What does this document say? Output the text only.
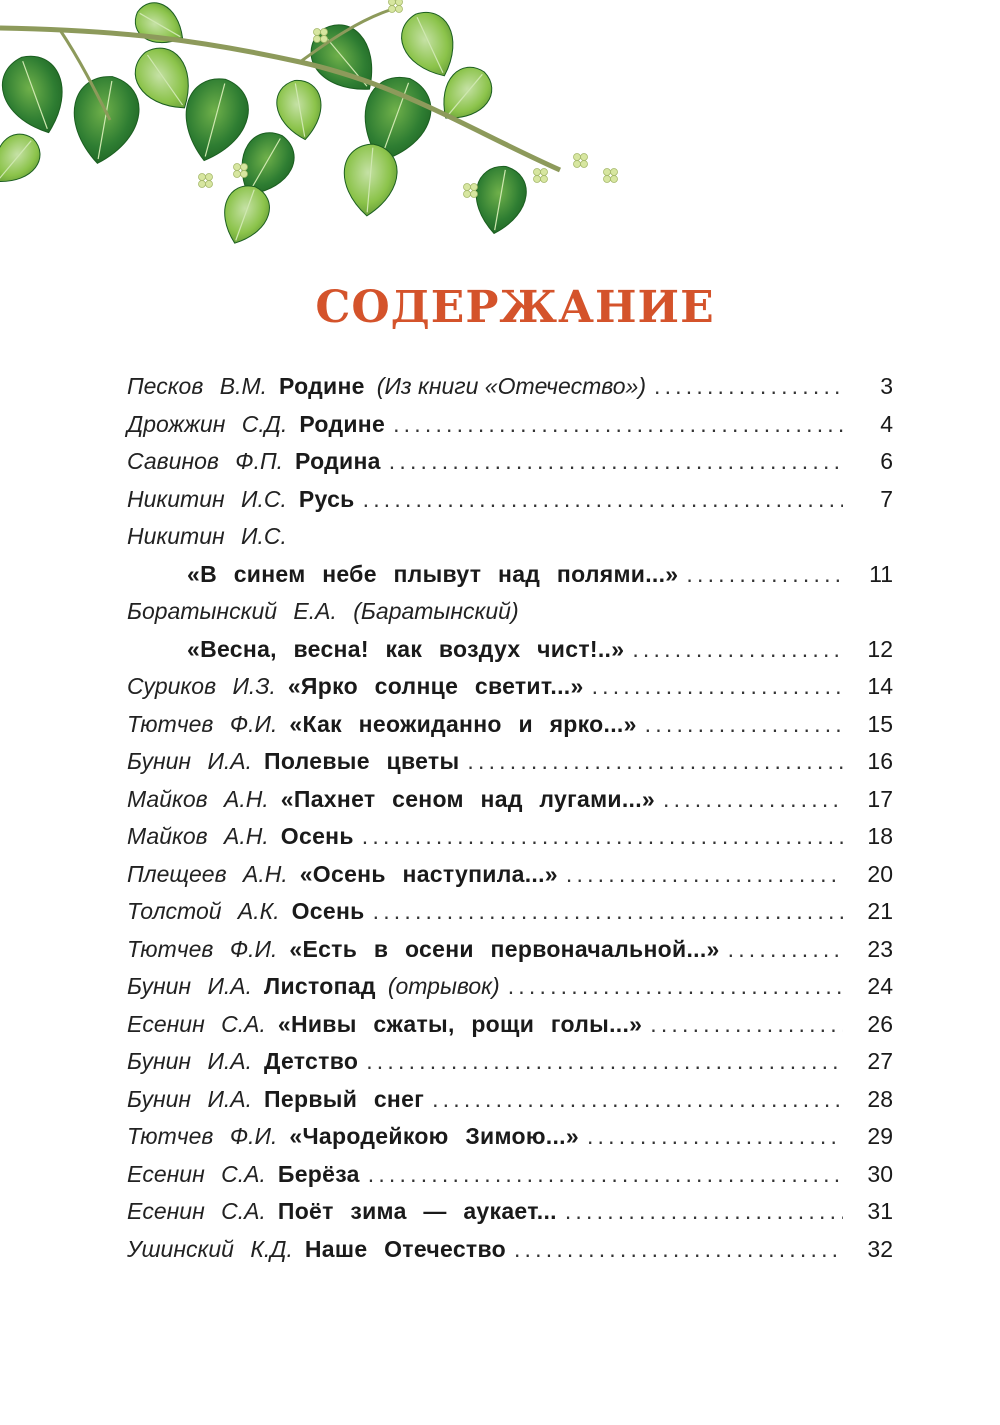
СОДЕРЖАНИЕ
Песков В.М. Родине (Из книги «Отечество») .....	3
Дрожжин С.Д. Родине .....	4
Савинов Ф.П. Родина .....	6
Никитин И.С. Русь .....	7
Никитин И.С.
«В синем небе плывут над полями...» .....	11
Боратынский Е.А. (Баратынский)
«Весна, весна! как воздух чист!..» .....	12
Суриков И.З. «Ярко солнце светит...» .....	14
Тютчев Ф.И. «Как неожиданно и ярко...» .....	15
Бунин И.А. Полевые цветы .....	16
Майков А.Н. «Пахнет сеном над лугами...» .....	17
Майков А.Н. Осень .....	18
Плещеев А.Н. «Осень наступила...» .....	20
Толстой А.К. Осень .....	21
Тютчев Ф.И. «Есть в осени первоначальной...» .....	23
Бунин И.А. Листопад (отрывок) .....	24
Есенин С.А. «Нивы сжаты, рощи голы...» .....	26
Бунин И.А. Детство .....	27
Бунин И.А. Первый снег .....	28
Тютчев Ф.И. «Чародейкою Зимою...» .....	29
Есенин С.А. Берёза .....	30
Есенин С.А. Поёт зима — аукает... .....	31
Ушинский К.Д. Наше Отечество .....	32
